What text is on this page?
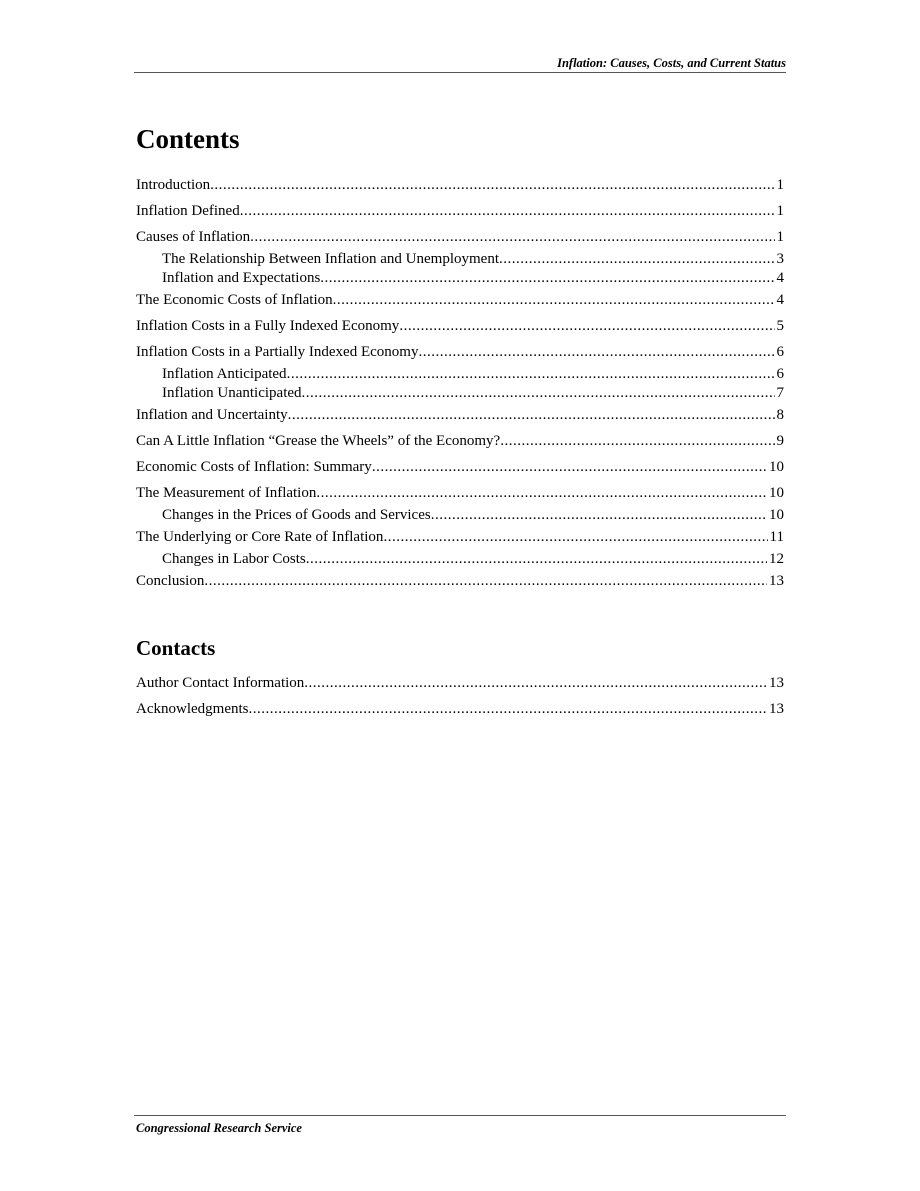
Inflation: Causes, Costs, and Current Status
Contents
Introduction .....	1
Inflation Defined .....	1
Causes of Inflation .....	1
The Relationship Between Inflation and Unemployment .....	3
Inflation and Expectations .....	4
The Economic Costs of Inflation .....	4
Inflation Costs in a Fully Indexed Economy .....	5
Inflation Costs in a Partially Indexed Economy .....	6
Inflation Anticipated .....	6
Inflation Unanticipated .....	7
Inflation and Uncertainty .....	8
Can A Little Inflation “Grease the Wheels” of the Economy? .....	9
Economic Costs of Inflation: Summary .....	10
The Measurement of Inflation .....	10
Changes in the Prices of Goods and Services .....	10
The Underlying or Core Rate of Inflation .....	11
Changes in Labor Costs .....	12
Conclusion .....	13
Contacts
Author Contact Information .....	13
Acknowledgments .....	13
Congressional Research Service
